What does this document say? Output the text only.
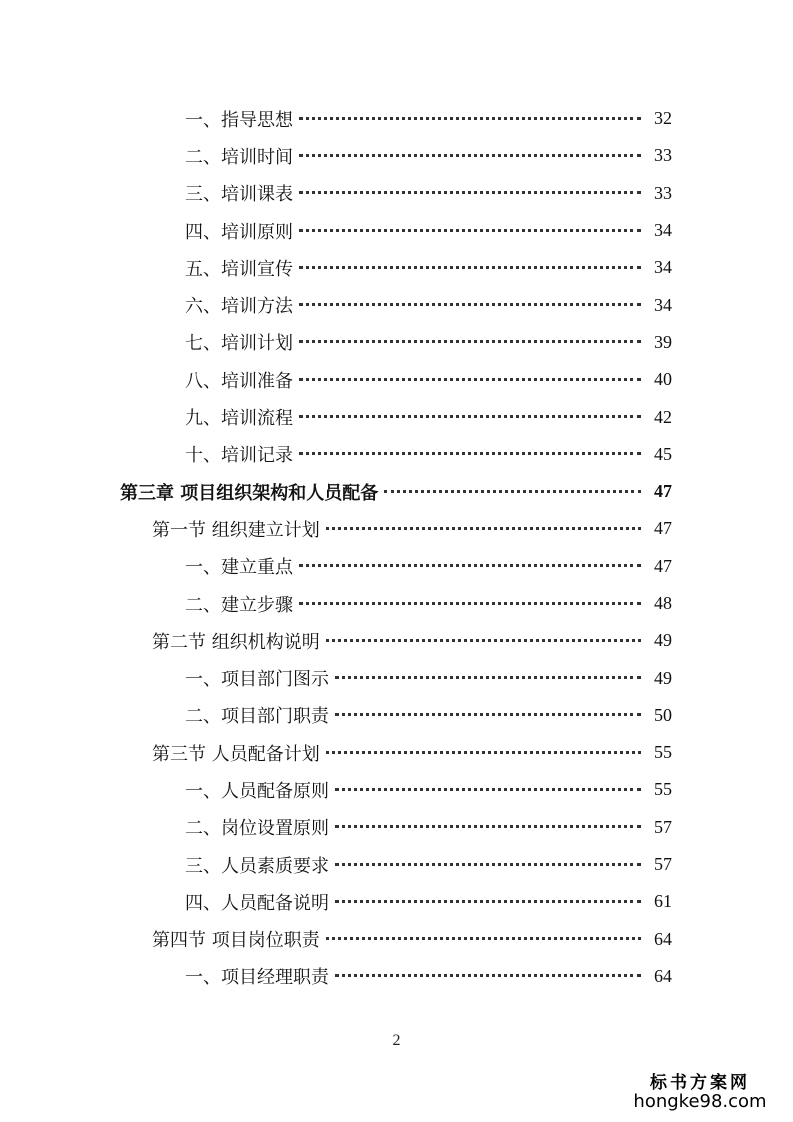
一、指导思想	32
二、培训时间	33
三、培训课表	33
四、培训原则	34
五、培训宣传	34
六、培训方法	34
七、培训计划	39
八、培训准备	40
九、培训流程	42
十、培训记录	45
第三章 项目组织架构和人员配备	47
第一节 组织建立计划	47
一、建立重点	47
二、建立步骤	48
第二节 组织机构说明	49
一、项目部门图示	49
二、项目部门职责	50
第三节 人员配备计划	55
一、人员配备原则	55
二、岗位设置原则	57
三、人员素质要求	57
四、人员配备说明	61
第四节 项目岗位职责	64
一、项目经理职责	64
2
标书方案网
hongke98.com
